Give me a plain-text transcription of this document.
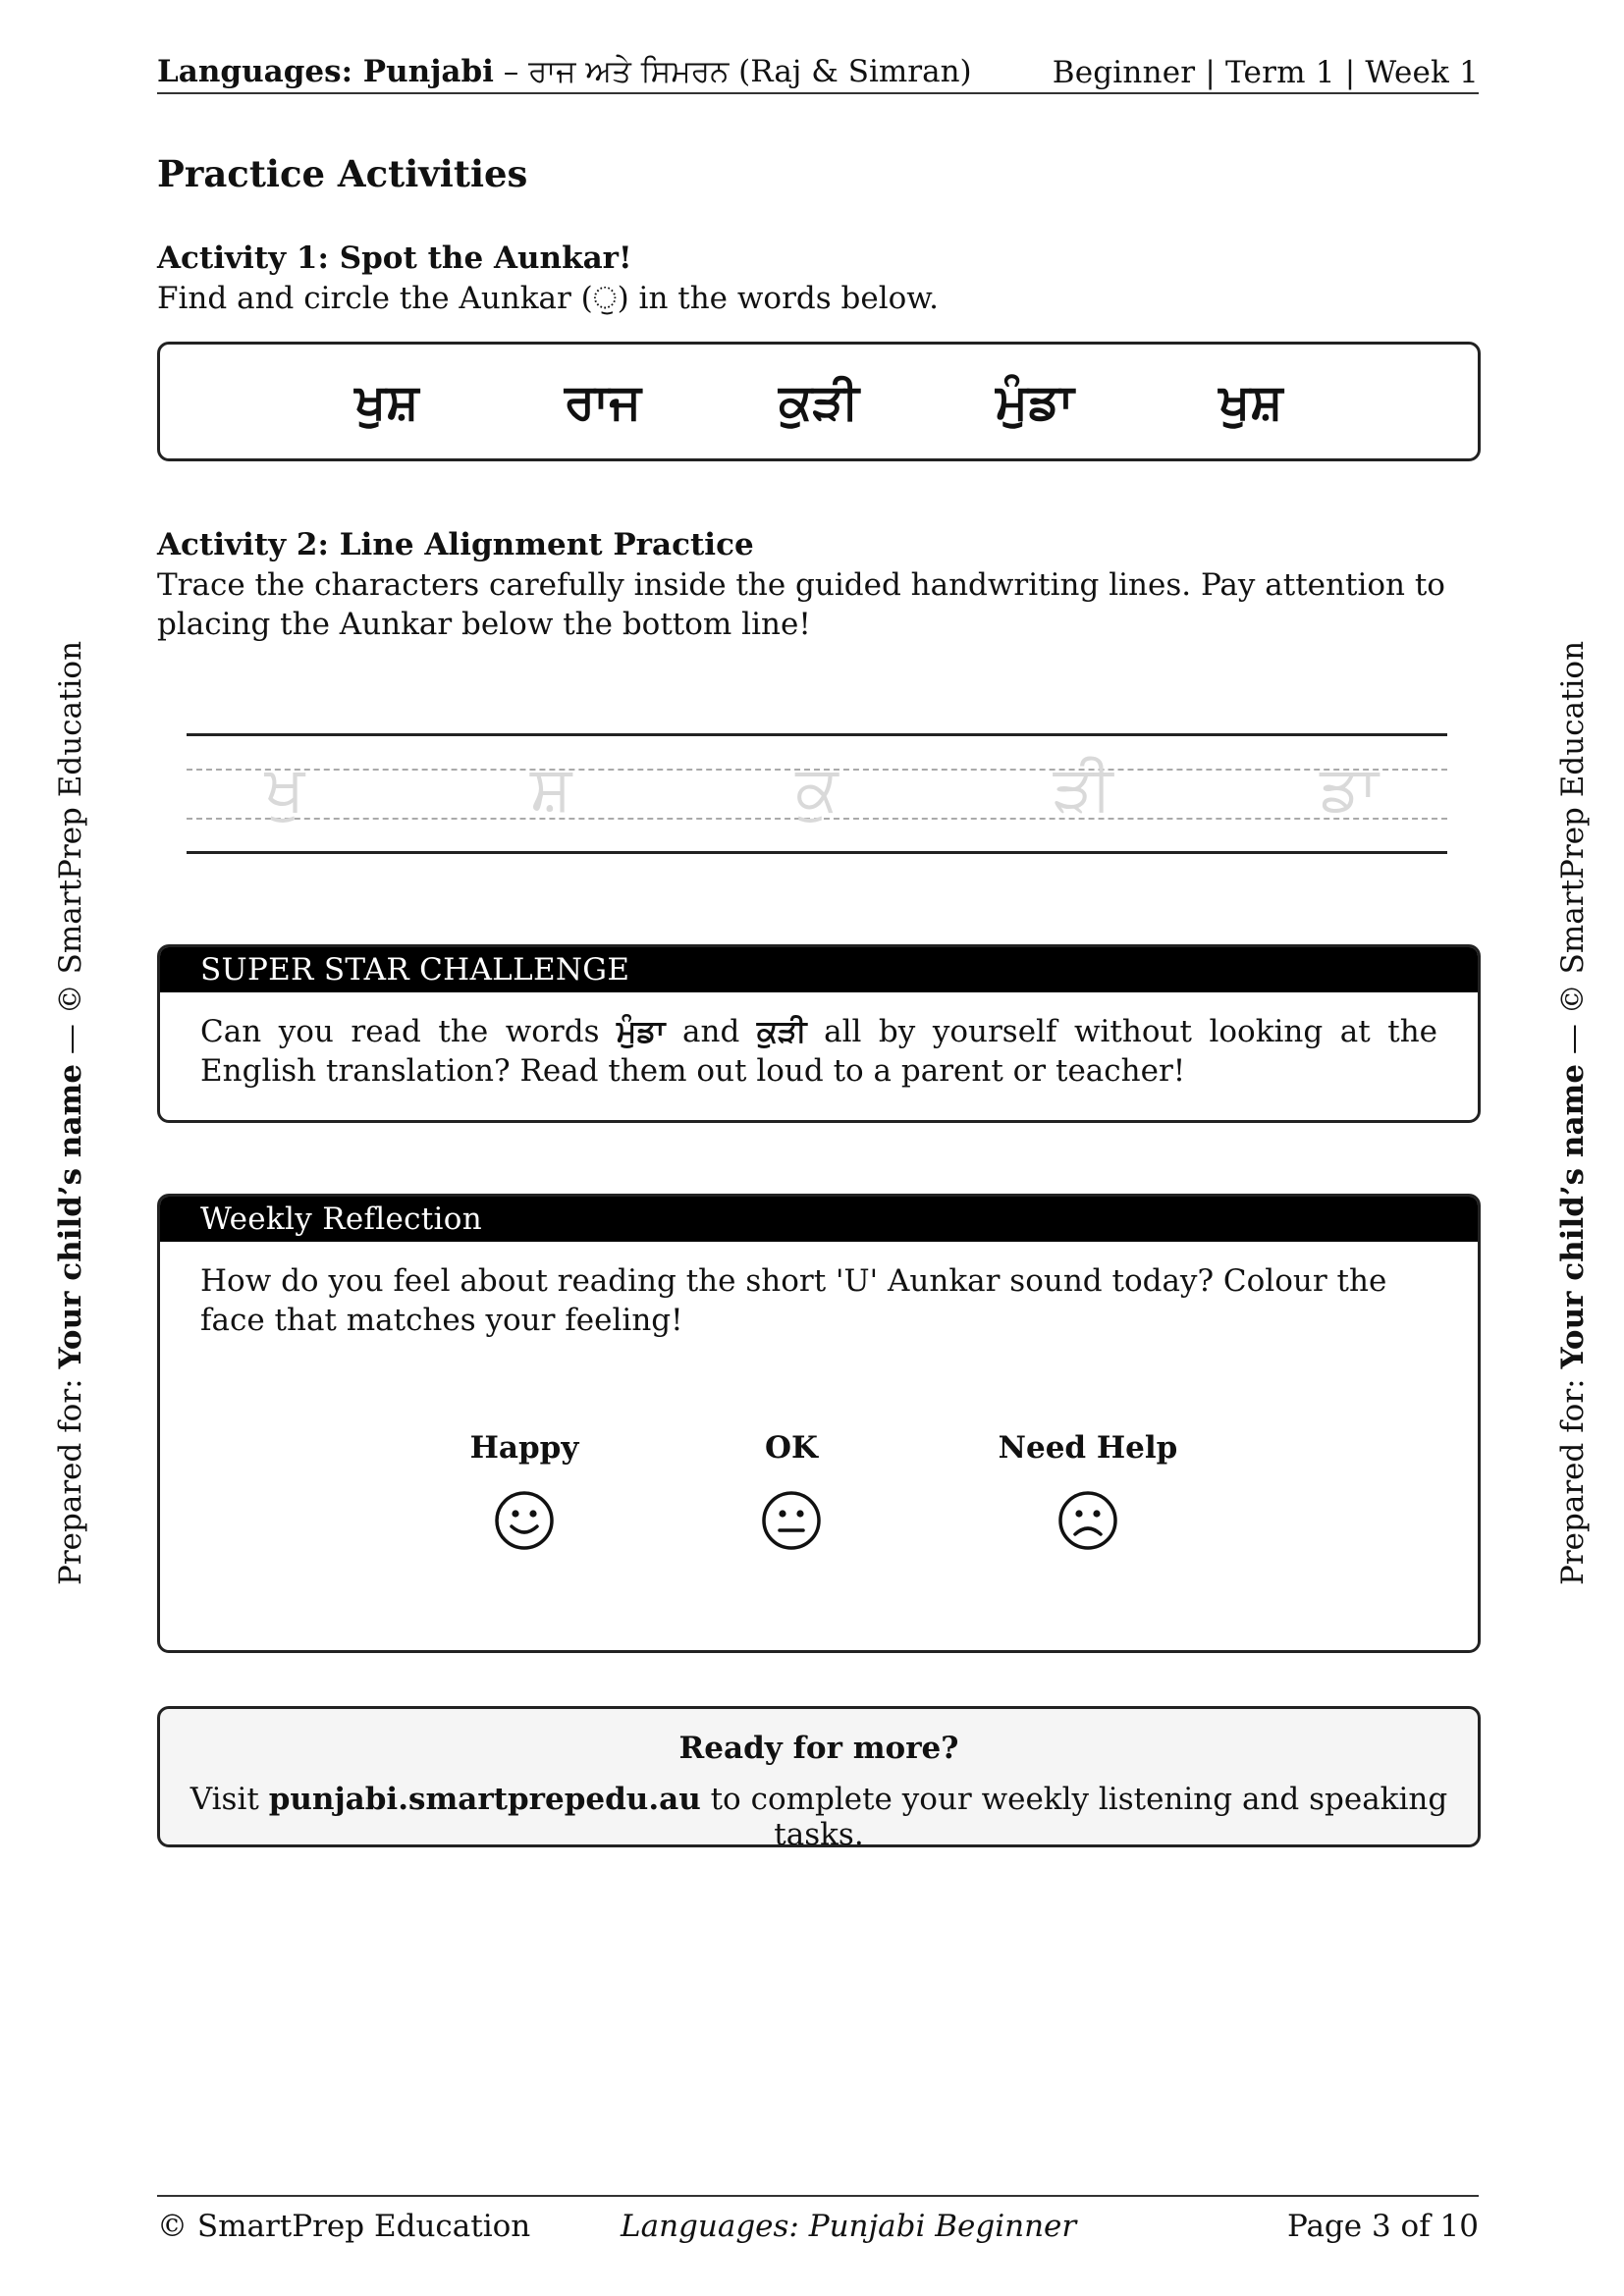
Languages: Punjabi – ਰਾਜ ਅਤੇ ਸਿਮਰਨ (Raj & Simran)	Beginner | Term 1 | Week 1
Prepared for: Your child’s name — © SmartPrep Education
Prepared for: Your child’s name — © SmartPrep Education
Practice Activities
Activity 1: Spot the Aunkar!
Find and circle the Aunkar (ੁ) in the words below.
ਖੁਸ਼	ਰਾਜ	ਕੁੜੀ	ਮੁੰਡਾ	ਖੁਸ਼
Activity 2: Line Alignment Practice
Trace the characters carefully inside the guided handwriting lines. Pay attention to placing the Aunkar below the bottom line!
ਖੁ	ਸ਼	ਕੁ	ੜੀ	ਡਾ
SUPER STAR CHALLENGE
Can you read the words ਮੁੰਡਾ and ਕੁੜੀ all by yourself without looking at the English translation? Read them out loud to a parent or teacher!
Weekly Reflection
How do you feel about reading the short 'U' Aunkar sound today? Colour the face that matches your feeling!
Happy	OK	Need Help
Ready for more?
Visit punjabi.smartprepedu.au to complete your weekly listening and speaking tasks.
© SmartPrep Education	Languages: Punjabi Beginner	Page 3 of 10
